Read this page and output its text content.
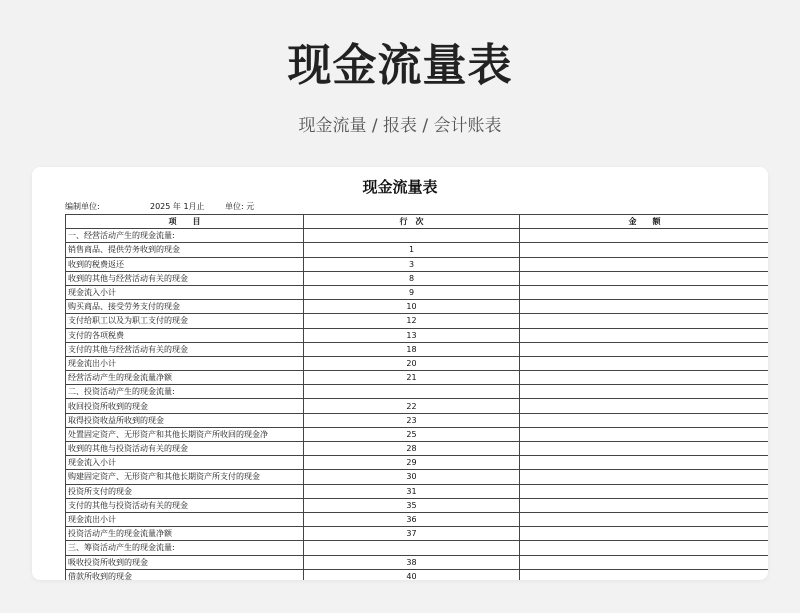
现金流量表
现金流量 / 报表 / 会计账表
现金流量表
编制单位:	2025 年 1月止	单位: 元
项　　目	行　次	金　　额
一、经营活动产生的现金流量:		
销售商品、提供劳务收到的现金	1	
收到的税费返还	3	
收到的其他与经营活动有关的现金	8	
现金流入小计	9	
购买商品、接受劳务支付的现金	10	
支付给职工以及为职工支付的现金	12	
支付的各项税费	13	
支付的其他与经营活动有关的现金	18	
现金流出小计	20	
经营活动产生的现金流量净额	21	
二、投资活动产生的现金流量:		
收回投资所收到的现金	22	
取得投资收益所收到的现金	23	
处置固定资产、无形资产和其他长期资产所收回的现金净	25	
收到的其他与投资活动有关的现金	28	
现金流入小计	29	
购建固定资产、无形资产和其他长期资产所支付的现金	30	
投资所支付的现金	31	
支付的其他与投资活动有关的现金	35	
现金流出小计	36	
投资活动产生的现金流量净额	37	
三、筹资活动产生的现金流量:		
吸收投资所收到的现金	38	
借款所收到的现金	40	
